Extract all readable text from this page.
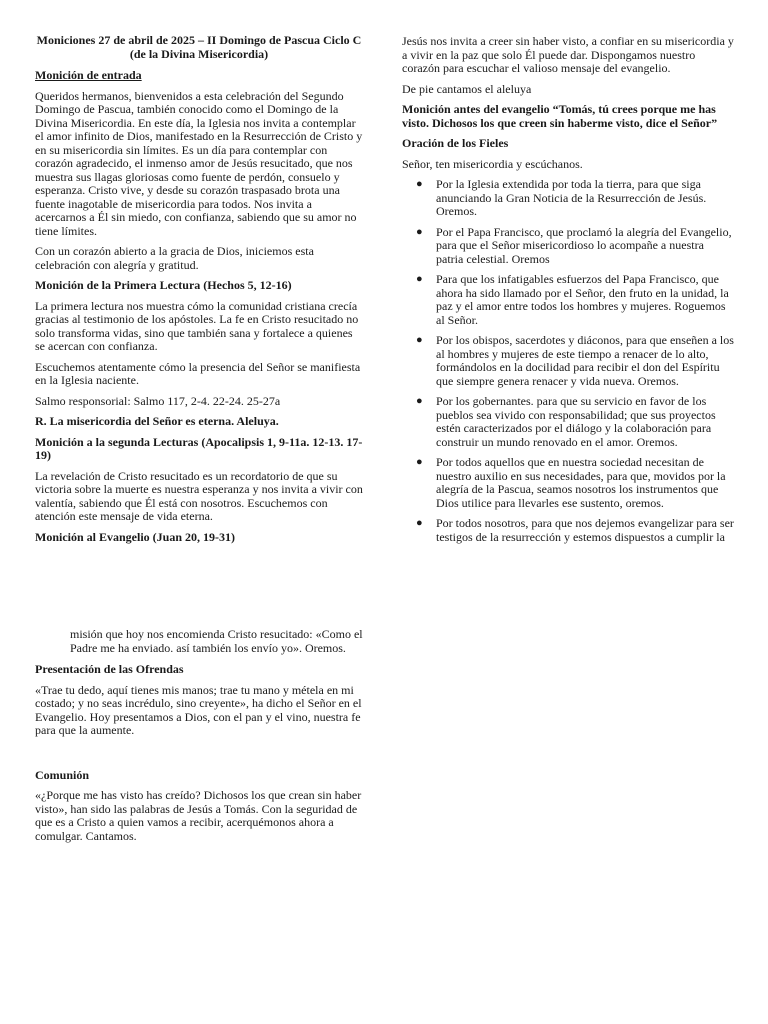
Moniciones 27 de abril de 2025 – II Domingo de Pascua Ciclo C
(de la Divina Misericordia)
Monición de entrada

Queridos hermanos, bienvenidos a esta celebración del Segundo Domingo de Pascua, también conocido como el Domingo de la Divina Misericordia. En este día, la Iglesia nos invita a contemplar el amor infinito de Dios, manifestado en la Resurrección de Cristo y en su misericordia sin límites. Es un día para contemplar con corazón agradecido, el inmenso amor de Jesús resucitado, que nos muestra sus llagas gloriosas como fuente de perdón, consuelo y esperanza. Cristo vive, y desde su corazón traspasado brota una fuente inagotable de misericordia para todos. Nos invita a acercarnos a Él sin miedo, con confianza, sabiendo que su amor no tiene límites.

Con un corazón abierto a la gracia de Dios, iniciemos esta celebración con alegría y gratitud.

Monición de la Primera Lectura (Hechos 5, 12-16)

La primera lectura nos muestra cómo la comunidad cristiana crecía gracias al testimonio de los apóstoles. La fe en Cristo resucitado no solo transforma vidas, sino que también sana y fortalece a quienes se acercan con confianza.

Escuchemos atentamente cómo la presencia del Señor se manifiesta en la Iglesia naciente.

Salmo responsorial: Salmo 117, 2-4. 22-24. 25-27a

R. La misericordia del Señor es eterna. Aleluya.
Monición a la segunda Lecturas (Apocalipsis 1, 9-11a. 12-13. 17-19)

La revelación de Cristo resucitado es un recordatorio de que su victoria sobre la muerte es nuestra esperanza y nos invita a vivir con valentía, sabiendo que Él está con nosotros. Escuchemos con atención este mensaje de vida eterna.

Monición al Evangelio (Juan 20, 19-31)

misión que hoy nos encomienda Cristo resucitado: «Como el Padre me ha enviado. así también los envío yo». Oremos.

Presentación de las Ofrendas

«Trae tu dedo, aquí tienes mis manos; trae tu mano y métela en mi costado; y no seas incrédulo, sino creyente», ha dicho el Señor en el Evangelio. Hoy presentamos a Dios, con el pan y el vino, nuestra fe para que la aumente.

Comunión

«¿Porque me has visto has creído? Dichosos los que crean sin haber visto», han sido las palabras de Jesús a Tomás. Con la seguridad de que es a Cristo a quien vamos a recibir, acerquémonos ahora a comulgar. Cantamos.

Jesús nos invita a creer sin haber visto, a confiar en su misericordia y a vivir en la paz que solo Él puede dar. Dispongamos nuestro corazón para escuchar el valioso mensaje del evangelio.

De pie cantamos el aleluya

Monición antes del evangelio “Tomás, tú crees porque me has visto. Dichosos los que creen sin haberme visto, dice el Señor”
Oración de los Fieles

Señor, ten misericordia y escúchanos.

● Por la Iglesia extendida por toda la tierra, para que siga anunciando la Gran Noticia de la Resurrección de Jesús. Oremos.
● Por el Papa Francisco, que proclamó la alegría del Evangelio, para que el Señor misericordioso lo acompañe a nuestra patria celestial. Oremos
● Para que los infatigables esfuerzos del Papa Francisco, que ahora ha sido llamado por el Señor, den fruto en la unidad, la paz y el amor entre todos los hombres y mujeres. Roguemos al Señor.
● Por los obispos, sacerdotes y diáconos, para que enseñen a los al hombres y mujeres de este tiempo a renacer de lo alto, formándolos en la docilidad para recibir el don del Espíritu que siempre genera renacer y vida nueva. Oremos.
● Por los gobernantes. para que su servicio en favor de los pueblos sea vivido con responsabilidad; que sus proyectos estén caracterizados por el diálogo y la colaboración para construir un mundo renovado en el amor. Oremos.
● Por todos aquellos que en nuestra sociedad necesitan de nuestro auxilio en sus necesidades, para que, movidos por la alegría de la Pascua, seamos nosotros los instrumentos que Dios utilice para llevarles ese sustento, oremos.
● Por todos nosotros, para que nos dejemos evangelizar para ser testigos de la resurrección y estemos dispuestos a cumplir la
